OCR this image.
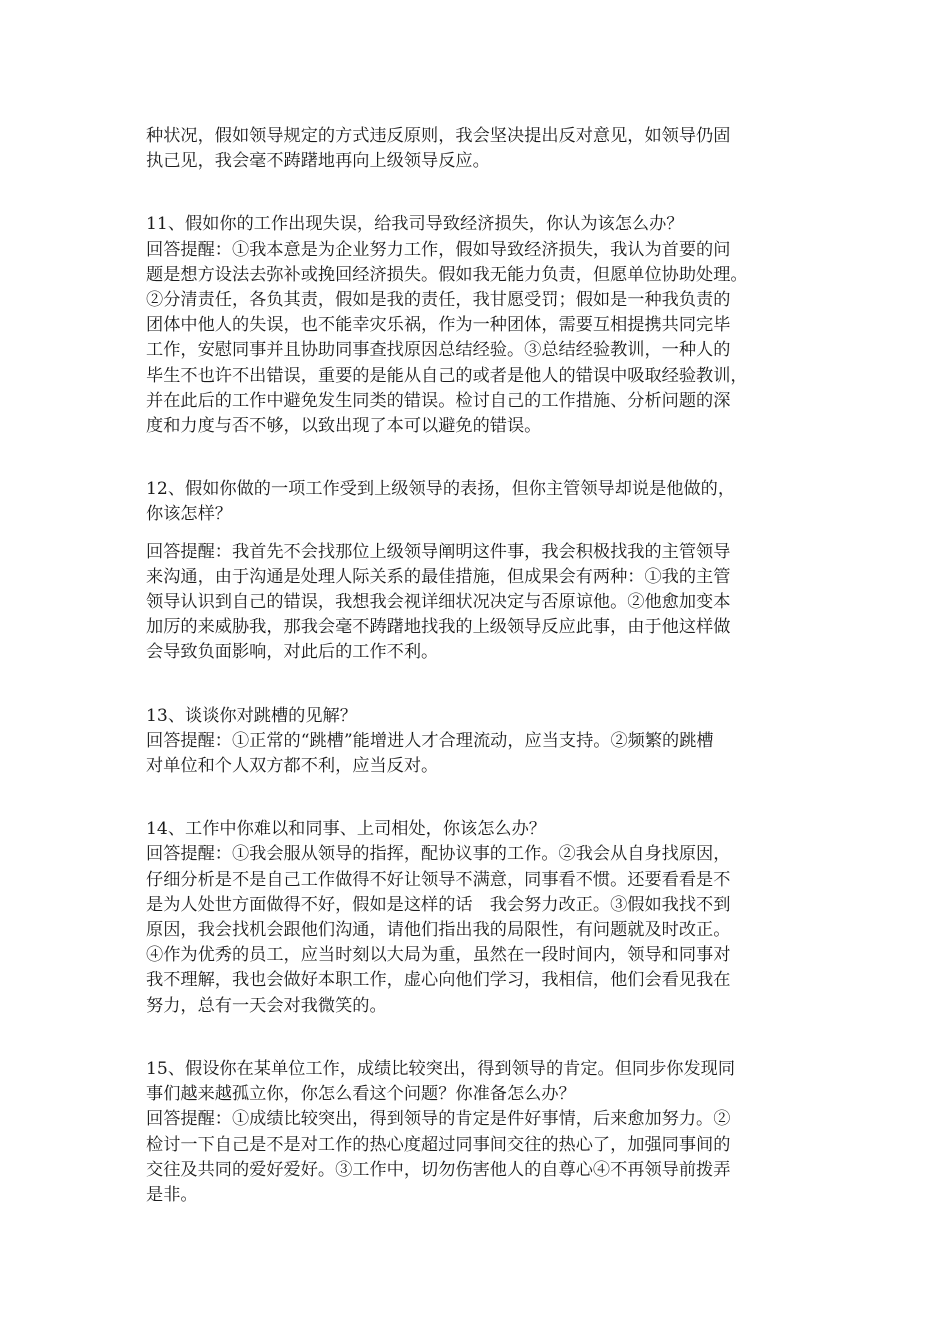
种状况，假如领导规定的方式违反原则，我会坚决提出反对意见，如领导仍固
执己见，我会毫不踌躇地再向上级领导反应。
11、假如你的工作出现失误，给我司导致经济损失，你认为该怎么办？
回答提醒：①我本意是为企业努力工作，假如导致经济损失，我认为首要的问
题是想方设法去弥补或挽回经济损失。假如我无能力负责，但愿单位协助处理。
②分清责任，各负其责，假如是我的责任，我甘愿受罚；假如是一种我负责的
团体中他人的失误，也不能幸灾乐祸，作为一种团体，需要互相提携共同完毕
工作，安慰同事并且协助同事查找原因总结经验。③总结经验教训，一种人的
毕生不也许不出错误，重要的是能从自己的或者是他人的错误中吸取经验教训，
并在此后的工作中避免发生同类的错误。检讨自己的工作措施、分析问题的深
度和力度与否不够，以致出现了本可以避免的错误。
12、假如你做的一项工作受到上级领导的表扬，但你主管领导却说是他做的，
你该怎样？
回答提醒：我首先不会找那位上级领导阐明这件事，我会积极找我的主管领导
来沟通，由于沟通是处理人际关系的最佳措施，但成果会有两种：①我的主管
领导认识到自己的错误，我想我会视详细状况决定与否原谅他。②他愈加变本
加厉的来威胁我，那我会毫不踌躇地找我的上级领导反应此事，由于他这样做
会导致负面影响，对此后的工作不利。
13、谈谈你对跳槽的见解？
回答提醒：①正常的“跳槽”能增进人才合理流动，应当支持。②频繁的跳槽
对单位和个人双方都不利，应当反对。
14、工作中你难以和同事、上司相处，你该怎么办？
回答提醒：①我会服从领导的指挥，配协议事的工作。②我会从自身找原因，
仔细分析是不是自己工作做得不好让领导不满意，同事看不惯。还要看看是不
是为人处世方面做得不好，假如是这样的话　我会努力改正。③假如我找不到
原因，我会找机会跟他们沟通，请他们指出我的局限性，有问题就及时改正。
④作为优秀的员工，应当时刻以大局为重，虽然在一段时间内，领导和同事对
我不理解，我也会做好本职工作，虚心向他们学习，我相信，他们会看见我在
努力，总有一天会对我微笑的。
15、假设你在某单位工作，成绩比较突出，得到领导的肯定。但同步你发现同
事们越来越孤立你，你怎么看这个问题？你准备怎么办？
回答提醒：①成绩比较突出，得到领导的肯定是件好事情，后来愈加努力。②
检讨一下自己是不是对工作的热心度超过同事间交往的热心了，加强同事间的
交往及共同的爱好爱好。③工作中，切勿伤害他人的自尊心④不再领导前拨弄
是非。
